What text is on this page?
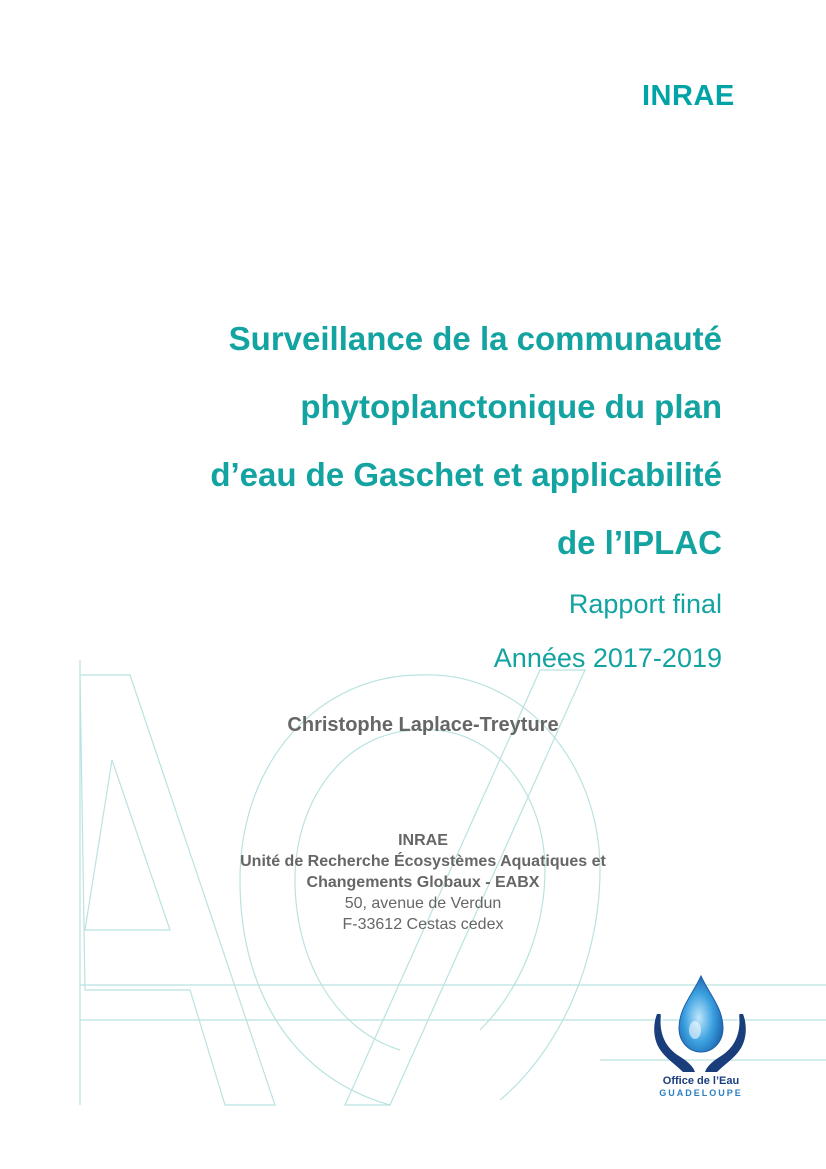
INRAE

Surveillance de la communauté

phytoplanctonique du plan

d’eau de Gaschet et applicabilité

de l’IPLAC

Rapport final

Années 2017-2019

Christophe Laplace-Treyture
INRAE
Unité de Recherche Écosystèmes Aquatiques et
Changements Globaux - EABX
50, avenue de Verdun
F-33612 Cestas cedex
Office de l’Eau
GUADELOUPE
